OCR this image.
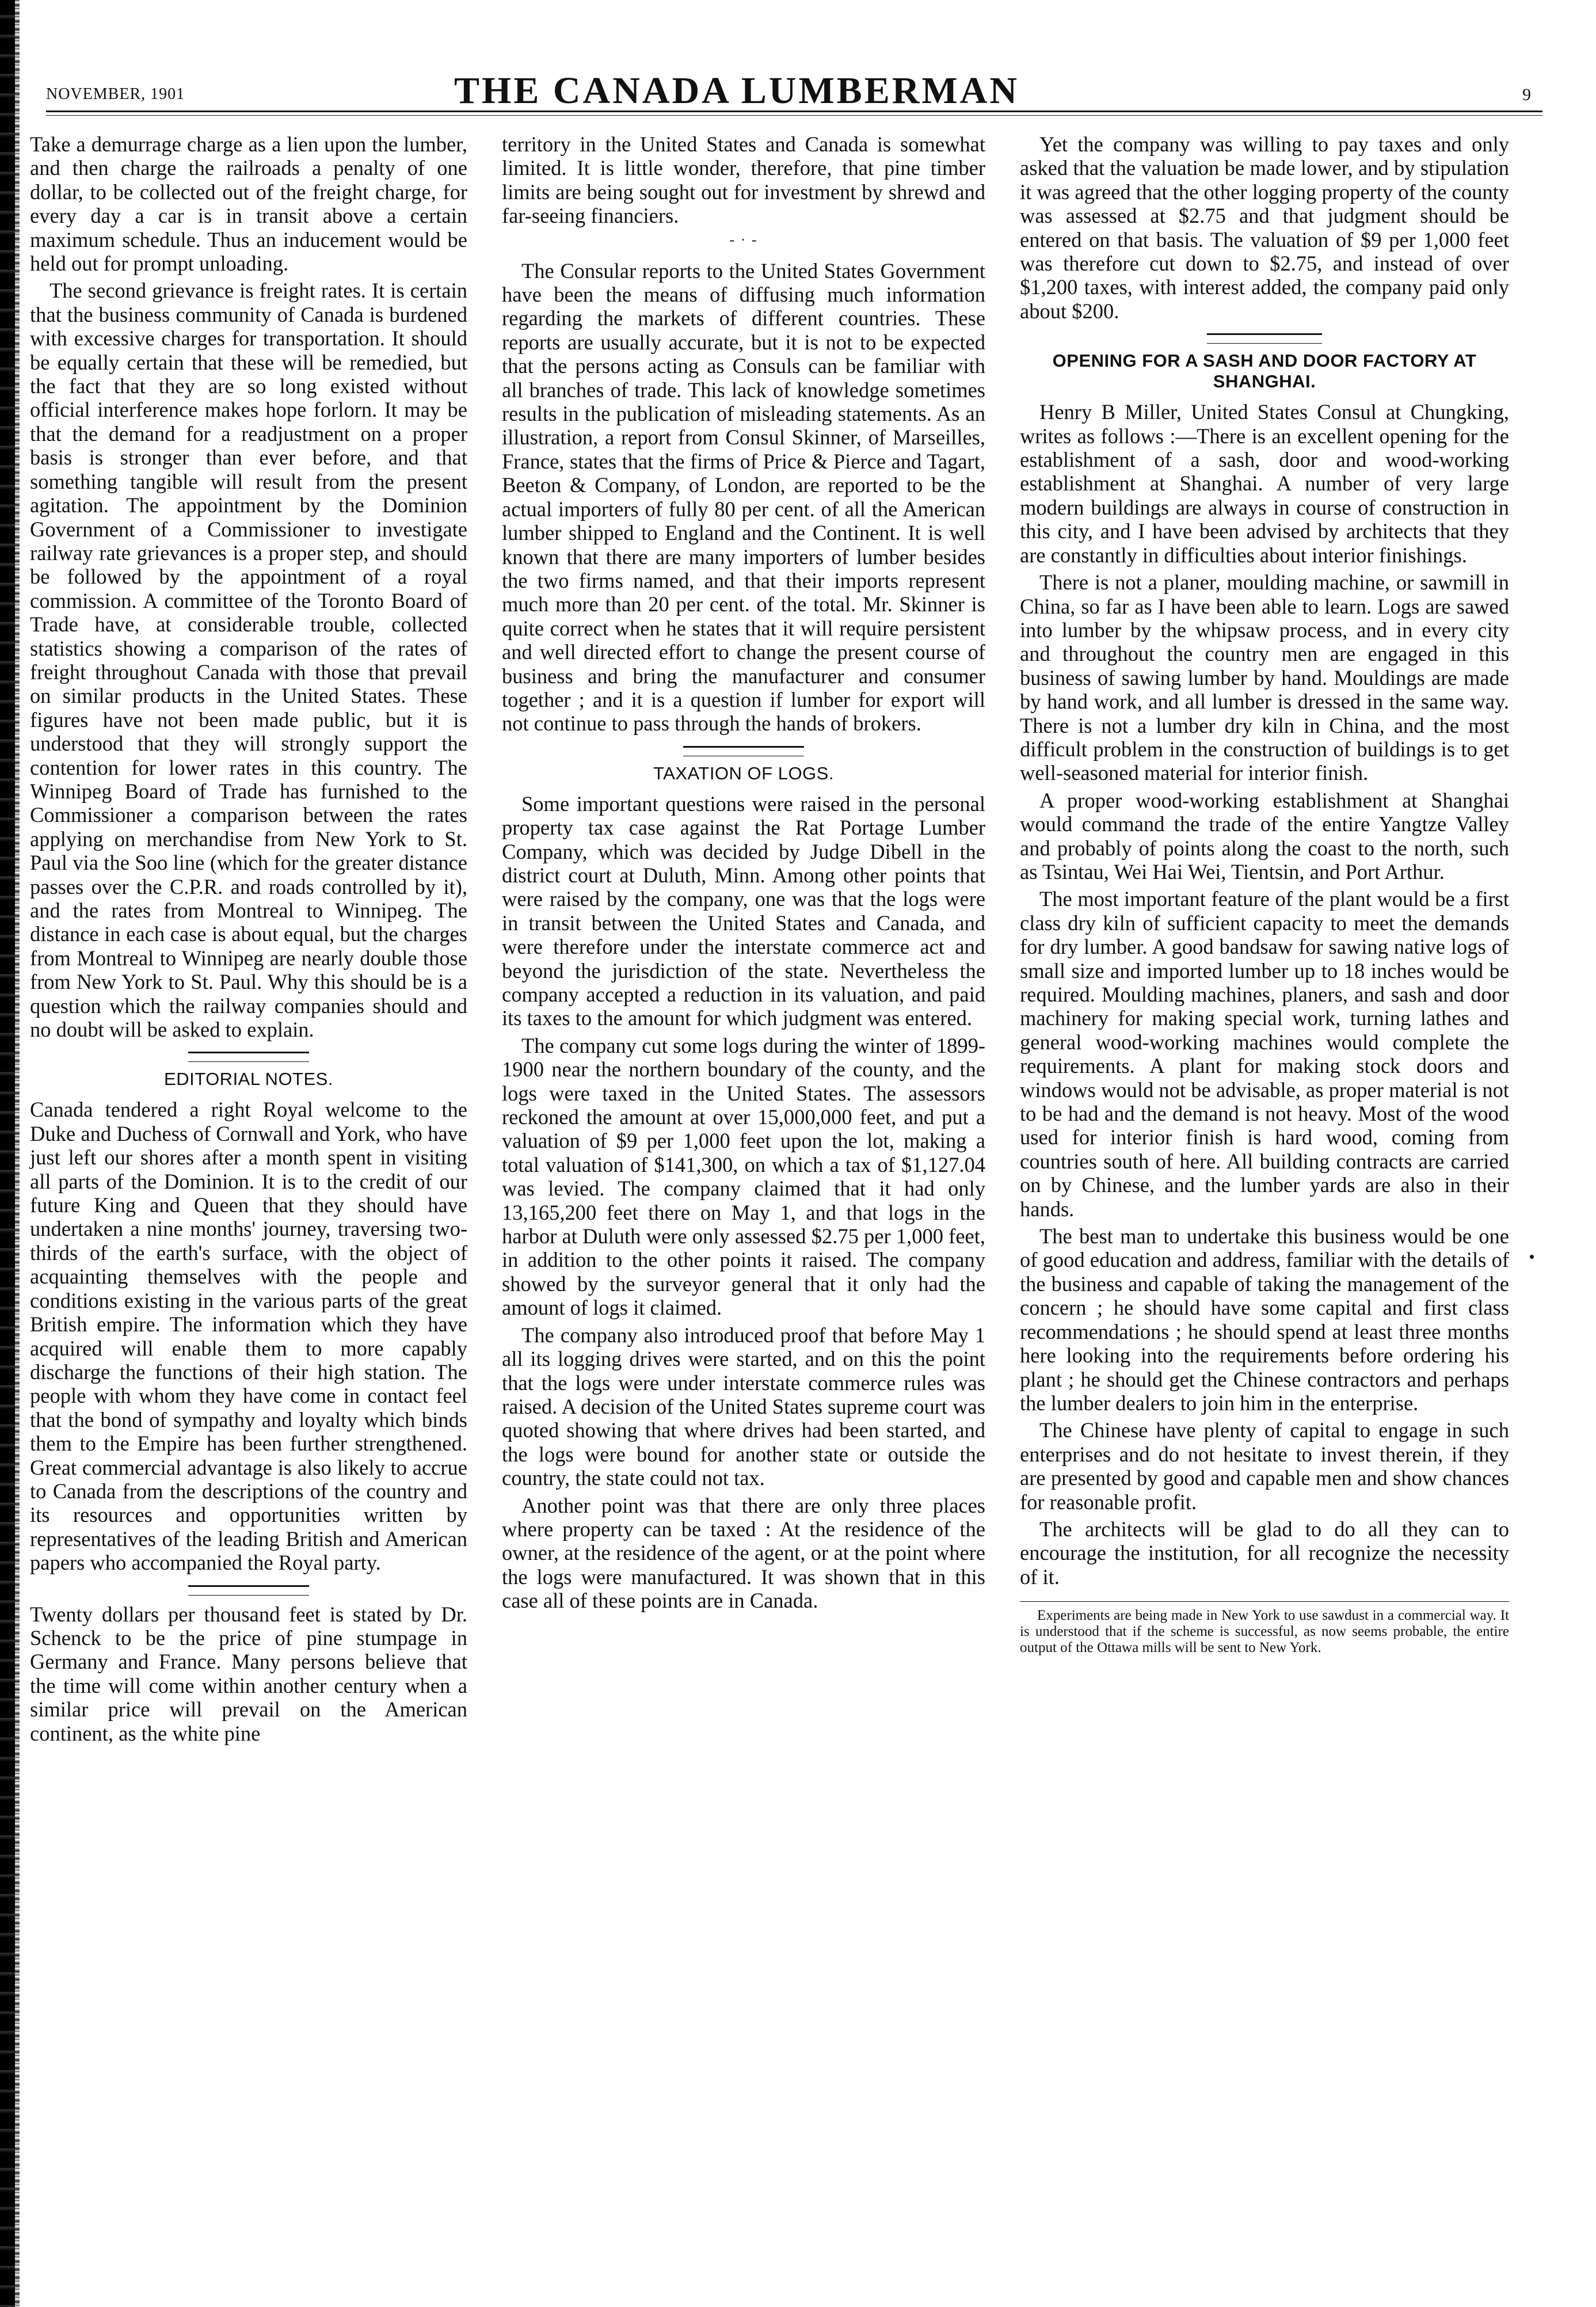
NOVEMBER, 1901	THE CANADA LUMBERMAN	9

Take a demurrage charge as a lien upon the lumber, and then charge the railroads a penalty of one dollar, to be collected out of the freight charge, for every day a car is in transit above a certain maximum schedule. Thus an inducement would be held out for prompt unloading.

The second grievance is freight rates. It is certain that the business community of Canada is burdened with excessive charges for transportation. It should be equally certain that these will be remedied, but the fact that they are so long existed without official interference makes hope forlorn. It may be that the demand for a readjustment on a proper basis is stronger than ever before, and that something tangible will result from the present agitation. The appointment by the Dominion Government of a Commissioner to investigate railway rate grievances is a proper step, and should be followed by the appointment of a royal commission. A committee of the Toronto Board of Trade have, at considerable trouble, collected statistics showing a comparison of the rates of freight throughout Canada with those that prevail on similar products in the United States. These figures have not been made public, but it is understood that they will strongly support the contention for lower rates in this country. The Winnipeg Board of Trade has furnished to the Commissioner a comparison between the rates applying on merchandise from New York to St. Paul via the Soo line (which for the greater distance passes over the C.P.R. and roads controlled by it), and the rates from Montreal to Winnipeg. The distance in each case is about equal, but the charges from Montreal to Winnipeg are nearly double those from New York to St. Paul. Why this should be is a question which the railway companies should and no doubt will be asked to explain.

EDITORIAL NOTES.

Canada tendered a right Royal welcome to the Duke and Duchess of Cornwall and York, who have just left our shores after a month spent in visiting all parts of the Dominion. It is to the credit of our future King and Queen that they should have undertaken a nine months' journey, traversing two-thirds of the earth's surface, with the object of acquainting themselves with the people and conditions existing in the various parts of the great British empire. The information which they have acquired will enable them to more capably discharge the functions of their high station. The people with whom they have come in contact feel that the bond of sympathy and loyalty which binds them to the Empire has been further strengthened. Great commercial advantage is also likely to accrue to Canada from the descriptions of the country and its resources and opportunities written by representatives of the leading British and American papers who accompanied the Royal party.

Twenty dollars per thousand feet is stated by Dr. Schenck to be the price of pine stumpage in Germany and France. Many persons believe that the time will come within another century when a similar price will prevail on the American continent, as the white pine

territory in the United States and Canada is somewhat limited. It is little wonder, therefore, that pine timber limits are being sought out for investment by shrewd and far-seeing financiers.

- · -

The Consular reports to the United States Government have been the means of diffusing much information regarding the markets of different countries. These reports are usually accurate, but it is not to be expected that the persons acting as Consuls can be familiar with all branches of trade. This lack of knowledge sometimes results in the publication of misleading statements. As an illustration, a report from Consul Skinner, of Marseilles, France, states that the firms of Price & Pierce and Tagart, Beeton & Company, of London, are reported to be the actual importers of fully 80 per cent. of all the American lumber shipped to England and the Continent. It is well known that there are many importers of lumber besides the two firms named, and that their imports represent much more than 20 per cent. of the total. Mr. Skinner is quite correct when he states that it will require persistent and well directed effort to change the present course of business and bring the manufacturer and consumer together ; and it is a question if lumber for export will not continue to pass through the hands of brokers.

TAXATION OF LOGS.

Some important questions were raised in the personal property tax case against the Rat Portage Lumber Company, which was decided by Judge Dibell in the district court at Duluth, Minn. Among other points that were raised by the company, one was that the logs were in transit between the United States and Canada, and were therefore under the interstate commerce act and beyond the jurisdiction of the state. Nevertheless the company accepted a reduction in its valuation, and paid its taxes to the amount for which judgment was entered.

The company cut some logs during the winter of 1899-1900 near the northern boundary of the county, and the logs were taxed in the United States. The assessors reckoned the amount at over 15,000,000 feet, and put a valuation of $9 per 1,000 feet upon the lot, making a total valuation of $141,300, on which a tax of $1,127.04 was levied. The company claimed that it had only 13,165,200 feet there on May 1, and that logs in the harbor at Duluth were only assessed $2.75 per 1,000 feet, in addition to the other points it raised. The company showed by the surveyor general that it only had the amount of logs it claimed.

The company also introduced proof that before May 1 all its logging drives were started, and on this the point that the logs were under interstate commerce rules was raised. A decision of the United States supreme court was quoted showing that where drives had been started, and the logs were bound for another state or outside the country, the state could not tax.

Another point was that there are only three places where property can be taxed : At the residence of the owner, at the residence of the agent, or at the point where the logs were manufactured. It was shown that in this case all of these points are in Canada.

Yet the company was willing to pay taxes and only asked that the valuation be made lower, and by stipulation it was agreed that the other logging property of the county was assessed at $2.75 and that judgment should be entered on that basis. The valuation of $9 per 1,000 feet was therefore cut down to $2.75, and instead of over $1,200 taxes, with interest added, the company paid only about $200.

OPENING FOR A SASH AND DOOR FACTORY AT SHANGHAI.

Henry B Miller, United States Consul at Chungking, writes as follows :—There is an excellent opening for the establishment of a sash, door and wood-working establishment at Shanghai. A number of very large modern buildings are always in course of construction in this city, and I have been advised by architects that they are constantly in difficulties about interior finishings.

There is not a planer, moulding machine, or sawmill in China, so far as I have been able to learn. Logs are sawed into lumber by the whipsaw process, and in every city and throughout the country men are engaged in this business of sawing lumber by hand. Mouldings are made by hand work, and all lumber is dressed in the same way. There is not a lumber dry kiln in China, and the most difficult problem in the construction of buildings is to get well-seasoned material for interior finish.

A proper wood-working establishment at Shanghai would command the trade of the entire Yangtze Valley and probably of points along the coast to the north, such as Tsintau, Wei Hai Wei, Tientsin, and Port Arthur.

The most important feature of the plant would be a first class dry kiln of sufficient capacity to meet the demands for dry lumber. A good bandsaw for sawing native logs of small size and imported lumber up to 18 inches would be required. Moulding machines, planers, and sash and door machinery for making special work, turning lathes and general wood-working machines would complete the requirements. A plant for making stock doors and windows would not be advisable, as proper material is not to be had and the demand is not heavy. Most of the wood used for interior finish is hard wood, coming from countries south of here. All building contracts are carried on by Chinese, and the lumber yards are also in their hands.

The best man to undertake this business would be one of good education and address, familiar with the details of the business and capable of taking the management of the concern ; he should have some capital and first class recommendations ; he should spend at least three months here looking into the requirements before ordering his plant ; he should get the Chinese contractors and perhaps the lumber dealers to join him in the enterprise.

The Chinese have plenty of capital to engage in such enterprises and do not hesitate to invest therein, if they are presented by good and capable men and show chances for reasonable profit.

The architects will be glad to do all they can to encourage the institution, for all recognize the necessity of it.

Experiments are being made in New York to use sawdust in a commercial way. It is understood that if the scheme is successful, as now seems probable, the entire output of the Ottawa mills will be sent to New York.
